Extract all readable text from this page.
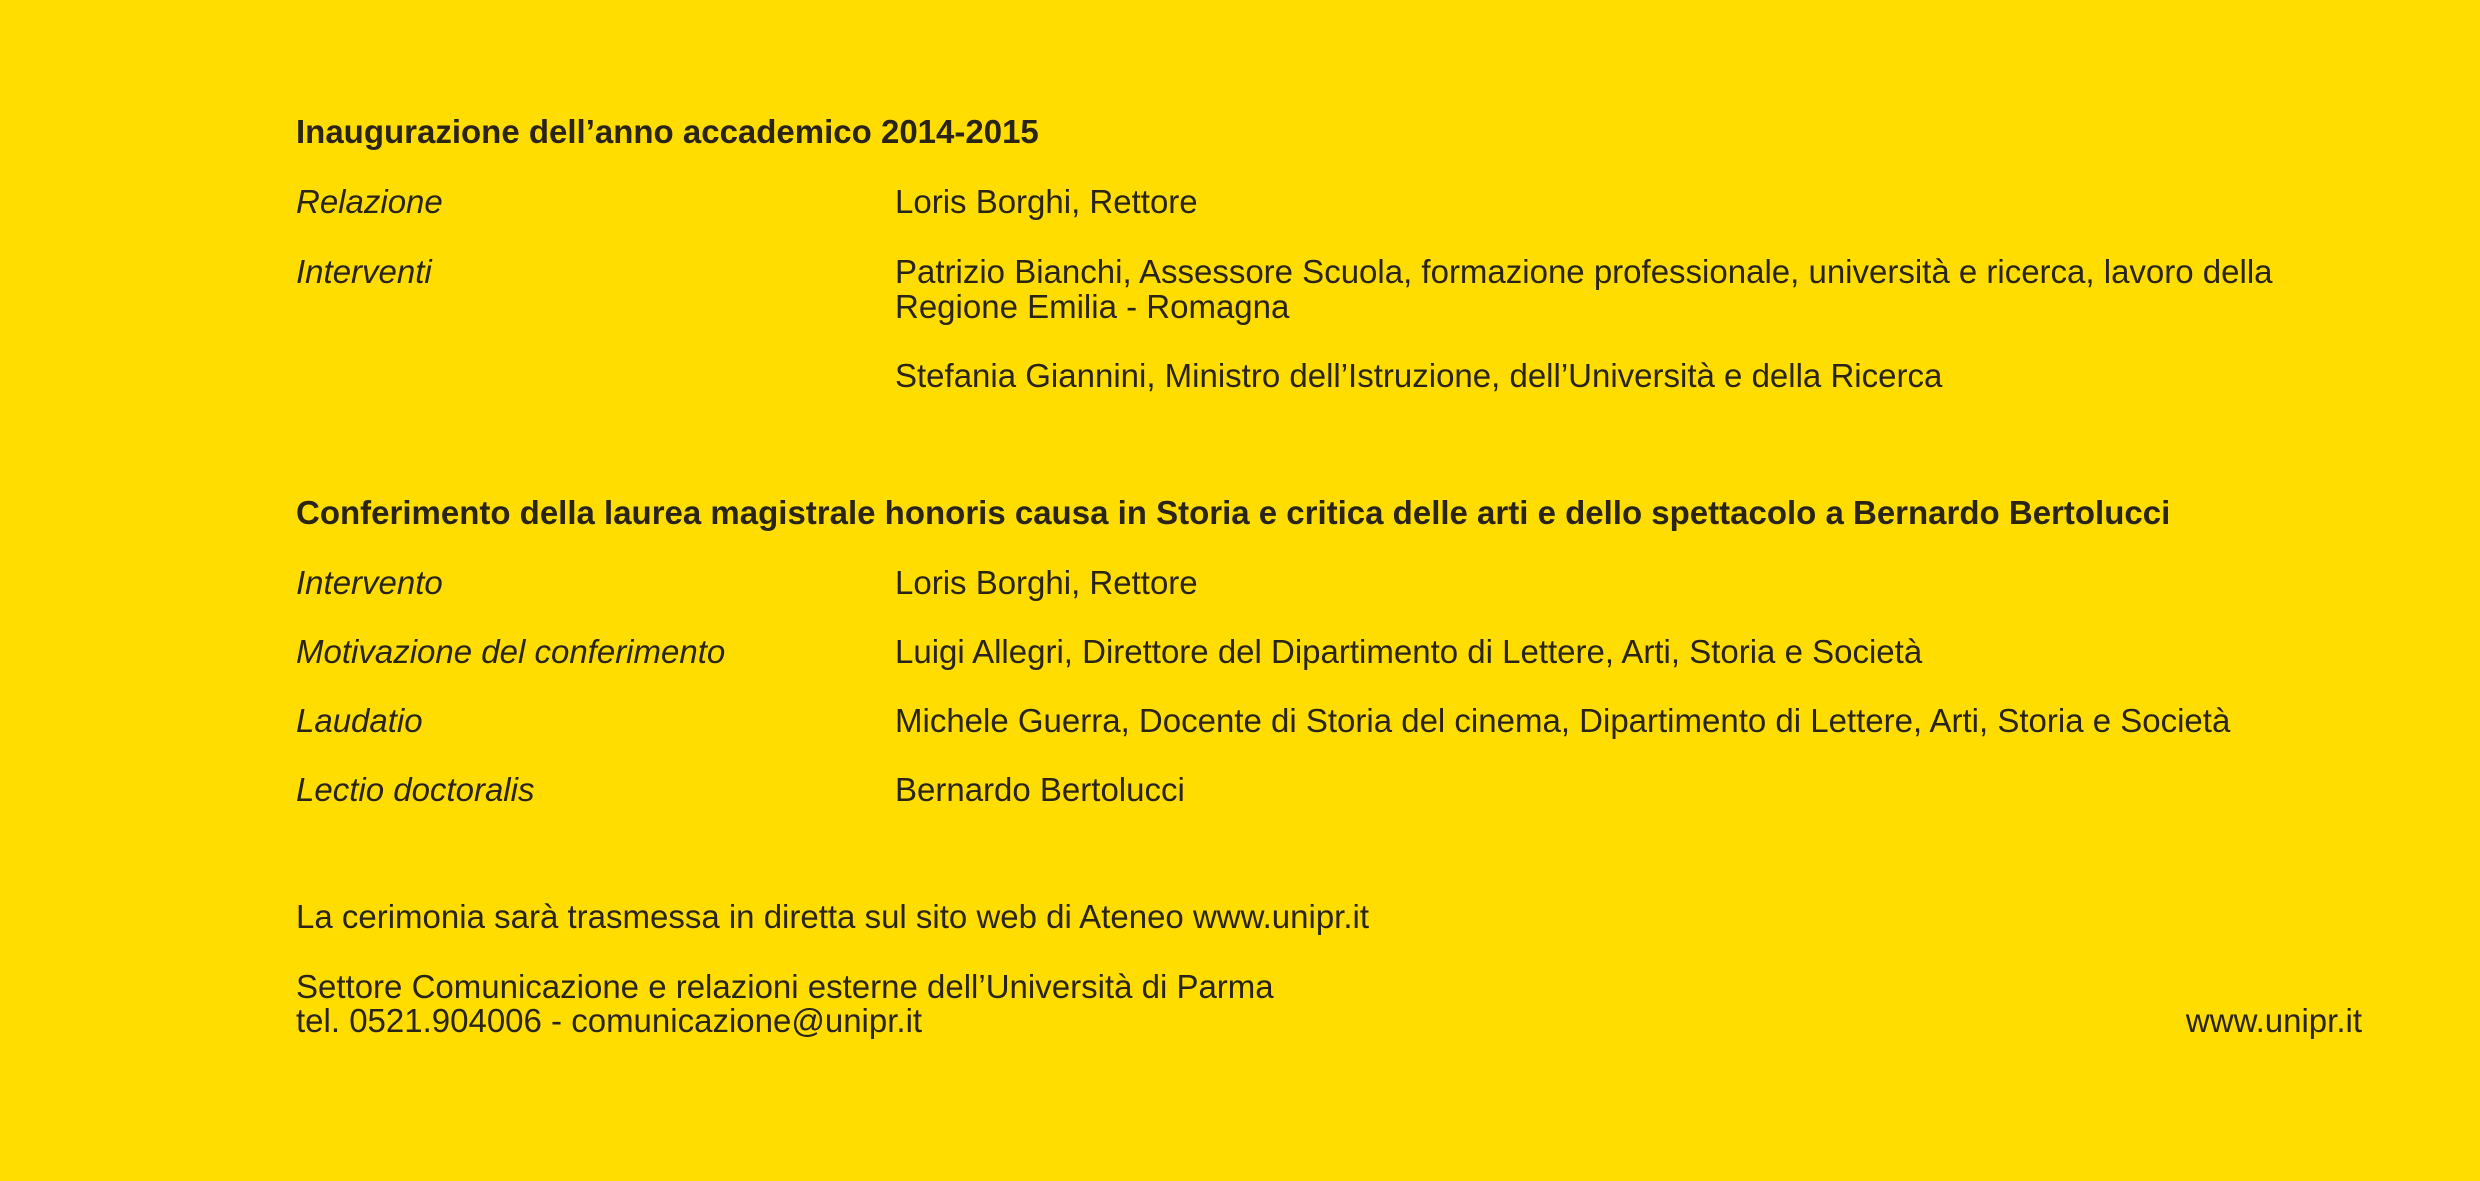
Inaugurazione dell’anno accademico 2014-2015
Relazione	Loris Borghi, Rettore
Interventi	Patrizio Bianchi, Assessore Scuola, formazione professionale, università e ricerca, lavoro della Regione Emilia - Romagna
Stefania Giannini, Ministro dell’Istruzione, dell’Università e della Ricerca
Conferimento della laurea magistrale honoris causa in Storia e critica delle arti e dello spettacolo a Bernardo Bertolucci
Intervento	Loris Borghi, Rettore
Motivazione del conferimento	Luigi Allegri, Direttore del Dipartimento di Lettere, Arti, Storia e Società
Laudatio	Michele Guerra, Docente di Storia del cinema, Dipartimento di Lettere, Arti, Storia e Società
Lectio doctoralis	Bernardo Bertolucci
La cerimonia sarà trasmessa in diretta sul sito web di Ateneo www.unipr.it
Settore Comunicazione e relazioni esterne dell’Università di Parma
tel. 0521.904006 - comunicazione@unipr.it	www.unipr.it
